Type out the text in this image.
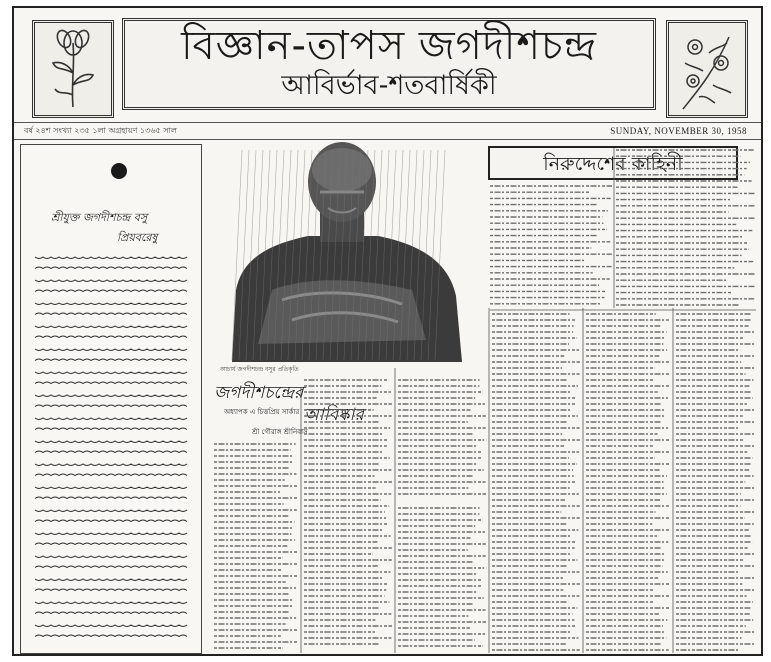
বিজ্ঞান-তাপস জগদীশচন্দ্র
আবির্ভাব-শতবার্ষিকী
বর্ষ ২৪শ সংখ্যা ২৩৫ ১লা অগ্রহায়ণ ১৩৬৫ সাল	SUNDAY, NOVEMBER 30, 1958
শ্রীযুক্ত জগদীশচন্দ্র বসু
প্রিয়বরেষু
আচার্য জগদীশচন্দ্র বসুর প্রতিকৃতি
জগদীশচন্দ্রের
আবিষ্কার
অধ্যাপক এ চিত্তপ্রিয় সার্কার
শ্রী গৌরাঙ্গ শ্রীনিবাস
নিরুদ্দেশের কাহিনী
